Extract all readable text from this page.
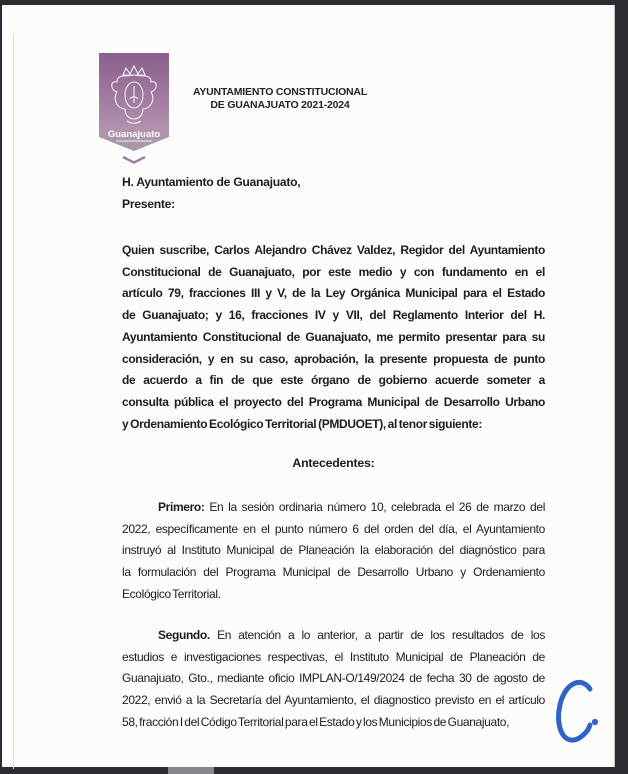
Guanajuato
AYUNTAMIENTO CONSTITUCIONAL
DE GUANAJUATO 2021-2024
H. Ayuntamiento de Guanajuato,
Presente:
Quien suscribe, Carlos Alejandro Chávez Valdez, Regidor del Ayuntamiento
Constitucional de Guanajuato, por este medio y con fundamento en el
artículo 79, fracciones III y V, de la Ley Orgánica Municipal para el Estado
de Guanajuato; y 16, fracciones IV y VII, del Reglamento Interior del H.
Ayuntamiento Constitucional de Guanajuato, me permito presentar para su
consideración, y en su caso, aprobación, la presente propuesta de punto
de acuerdo a fin de que este órgano de gobierno acuerde someter a
consulta pública el proyecto del Programa Municipal de Desarrollo Urbano
y Ordenamiento Ecológico Territorial (PMDUOET), al tenor siguiente:
Antecedentes:
Primero: En la sesión ordinaria número 10, celebrada el 26 de marzo del
2022, específicamente en el punto número 6 del orden del día, el Ayuntamiento
instruyó al Instituto Municipal de Planeación la elaboración del diagnóstico para
la formulación del Programa Municipal de Desarrollo Urbano y Ordenamiento
Ecológico Territorial.
Segundo. En atención a lo anterior, a partir de los resultados de los
estudios e investigaciones respectivas, el Instituto Municipal de Planeación de
Guanajuato, Gto., mediante oficio IMPLAN-O/149/2024 de fecha 30 de agosto de
2022, envió a la Secretaría del Ayuntamiento, el diagnostico previsto en el artículo
58, fracción I del Código Territorial para el Estado y los Municipios de Guanajuato,
